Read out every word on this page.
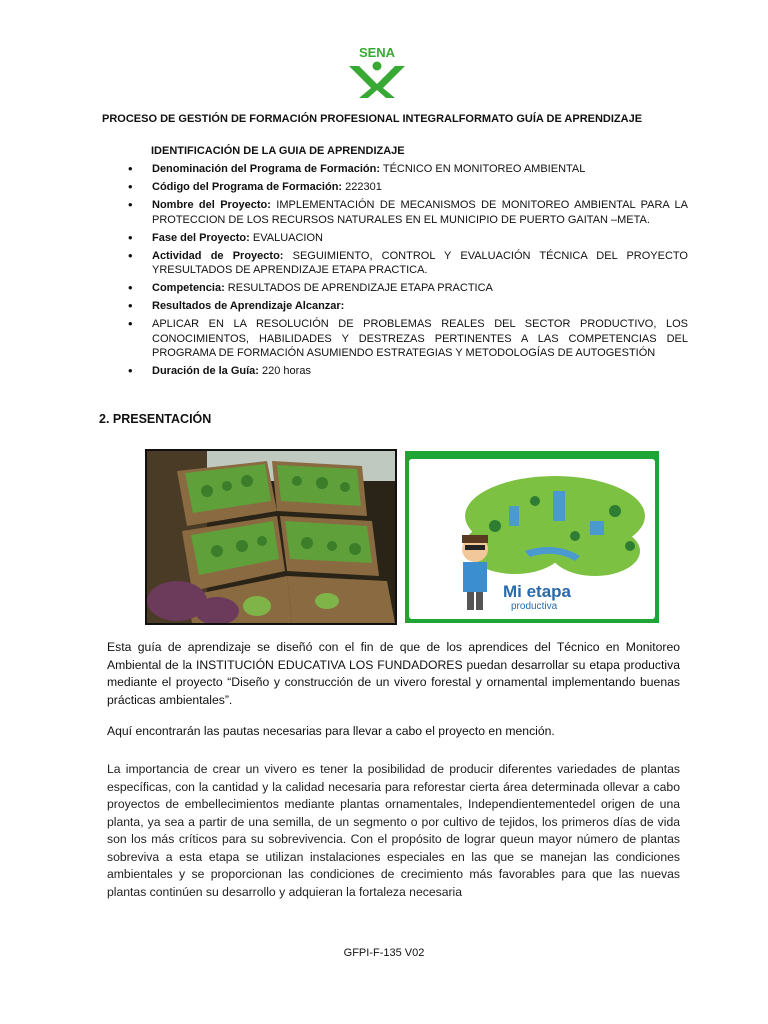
SENA
PROCESO DE GESTIÓN DE FORMACIÓN PROFESIONAL INTEGRALFORMATO GUÍA DE APRENDIZAJE
IDENTIFICACIÓN DE LA GUIA DE APRENDIZAJE
• Denominación del Programa de Formación: TÉCNICO EN MONITOREO AMBIENTAL
• Código del Programa de Formación: 222301
• Nombre del Proyecto: IMPLEMENTACIÓN DE MECANISMOS DE MONITOREO AMBIENTAL PARA LA PROTECCION DE LOS RECURSOS NATURALES EN EL MUNICIPIO DE PUERTO GAITAN –META.
• Fase del Proyecto: EVALUACION
• Actividad de Proyecto: SEGUIMIENTO, CONTROL Y EVALUACIÓN TÉCNICA DEL PROYECTO YRESULTADOS DE APRENDIZAJE ETAPA PRACTICA.
• Competencia: RESULTADOS DE APRENDIZAJE ETAPA PRACTICA
• Resultados de Aprendizaje Alcanzar:
• APLICAR EN LA RESOLUCIÓN DE PROBLEMAS REALES DEL SECTOR PRODUCTIVO, LOS CONOCIMIENTOS, HABILIDADES Y DESTREZAS PERTINENTES A LAS COMPETENCIAS DEL PROGRAMA DE FORMACIÓN ASUMIENDO ESTRATEGIAS Y METODOLOGÍAS DE AUTOGESTIÓN
• Duración de la Guía: 220 horas
2. PRESENTACIÓN
Mi etapa
productiva

Esta guía de aprendizaje se diseñó con el fin de que de los aprendices del Técnico en Monitoreo Ambiental de la INSTITUCIÓN EDUCATIVA LOS FUNDADORES puedan desarrollar su etapa productiva mediante el proyecto “Diseño y construcción de un vivero forestal y ornamental implementando buenas prácticas ambientales”.

Aquí encontrarán las pautas necesarias para llevar a cabo el proyecto en mención.

La importancia de crear un vivero es tener la posibilidad de producir diferentes variedades de plantas específicas, con la cantidad y la calidad necesaria para reforestar cierta área determinada ollevar a cabo proyectos de embellecimientos mediante plantas ornamentales, Independientementedel origen de una planta, ya sea a partir de una semilla, de un segmento o por cultivo de tejidos, los primeros días de vida son los más críticos para su sobrevivencia. Con el propósito de lograr queun mayor número de plantas sobreviva a esta etapa se utilizan instalaciones especiales en las que se manejan las condiciones ambientales y se proporcionan las condiciones de crecimiento más favorables para que las nuevas plantas continúen su desarrollo y adquieran la fortaleza necesaria

GFPI-F-135 V02
